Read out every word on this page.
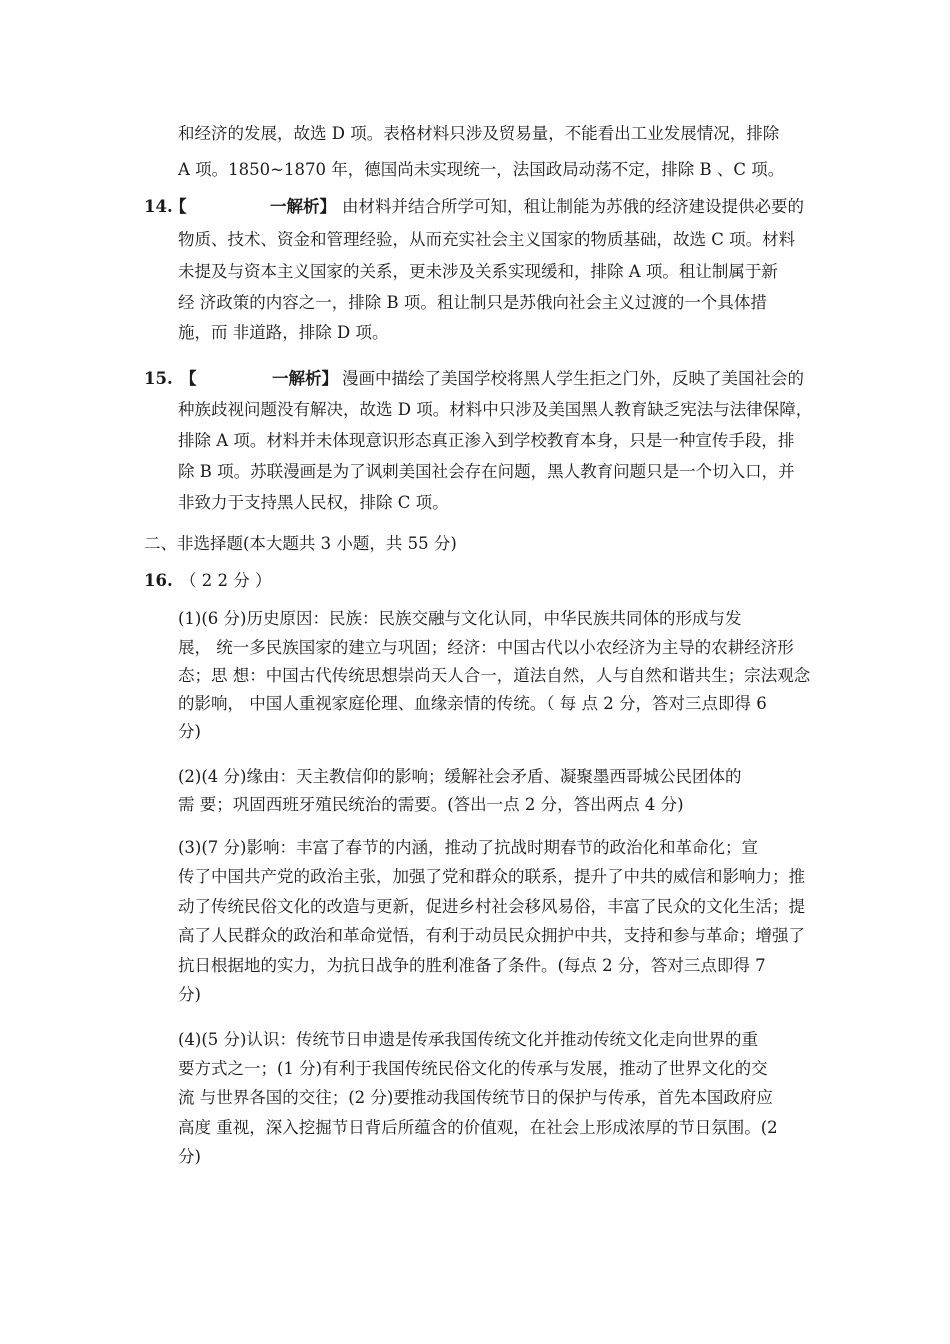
和经济的发展，故选 D 项。表格材料只涉及贸易量，不能看出工业发展情况，排除
A 项。1850~1870 年，德国尚未实现统一，法国政局动荡不定，排除 B 、C 项。
14.
【	一解析】 由材料并结合所学可知，租让制能为苏俄的经济建设提供必要的
物质、技术、资金和管理经验，从而充实社会主义国家的物质基础，故选 C 项。材料
未提及与资本主义国家的关系，更未涉及关系实现缓和，排除 A 项。租让制属于新
经 济政策的内容之一，排除 B 项。租让制只是苏俄向社会主义过渡的一个具体措
施，而 非道路，排除 D 项。
15. 【	一解析】 漫画中描绘了美国学校将黑人学生拒之门外，反映了美国社会的
种族歧视问题没有解决，故选 D 项。材料中只涉及美国黑人教育缺乏宪法与法律保障，
排除 A 项。材料并未体现意识形态真正渗入到学校教育本身，只是一种宣传手段，排
除 B 项。苏联漫画是为了讽刺美国社会存在问题，黑人教育问题只是一个切入口，并
非致力于支持黑人民权，排除 C 项。
二、非选择题(本大题共 3 小题，共 55 分)
16. （ 2 2 分 ）
(1)(6 分)历史原因：民族：民族交融与文化认同，中华民族共同体的形成与发
展， 统一多民族国家的建立与巩固；经济：中国古代以小农经济为主导的农耕经济形
态；思 想：中国古代传统思想崇尚天人合一，道法自然，人与自然和谐共生；宗法观念
的影响， 中国人重视家庭伦理、血缘亲情的传统。（ 每 点 2 分，答对三点即得 6
分)
(2)(4 分)缘由：天主教信仰的影响；缓解社会矛盾、凝聚墨西哥城公民团体的
需 要；巩固西班牙殖民统治的需要。(答出一点 2 分，答出两点 4 分)
(3)(7 分)影响：丰富了春节的内涵，推动了抗战时期春节的政治化和革命化；宣
传了中国共产党的政治主张，加强了党和群众的联系，提升了中共的威信和影响力；推
动了传统民俗文化的改造与更新，促进乡村社会移风易俗，丰富了民众的文化生活；提
高了人民群众的政治和革命觉悟，有利于动员民众拥护中共，支持和参与革命；增强了
抗日根据地的实力，为抗日战争的胜利准备了条件。(每点 2 分，答对三点即得 7
分)
(4)(5 分)认识：传统节日申遗是传承我国传统文化并推动传统文化走向世界的重
要方式之一；(1 分)有利于我国传统民俗文化的传承与发展，推动了世界文化的交
流 与世界各国的交往；(2 分)要推动我国传统节日的保护与传承，首先本国政府应
高度 重视，深入挖掘节日背后所蕴含的价值观，在社会上形成浓厚的节日氛围。(2
分)
